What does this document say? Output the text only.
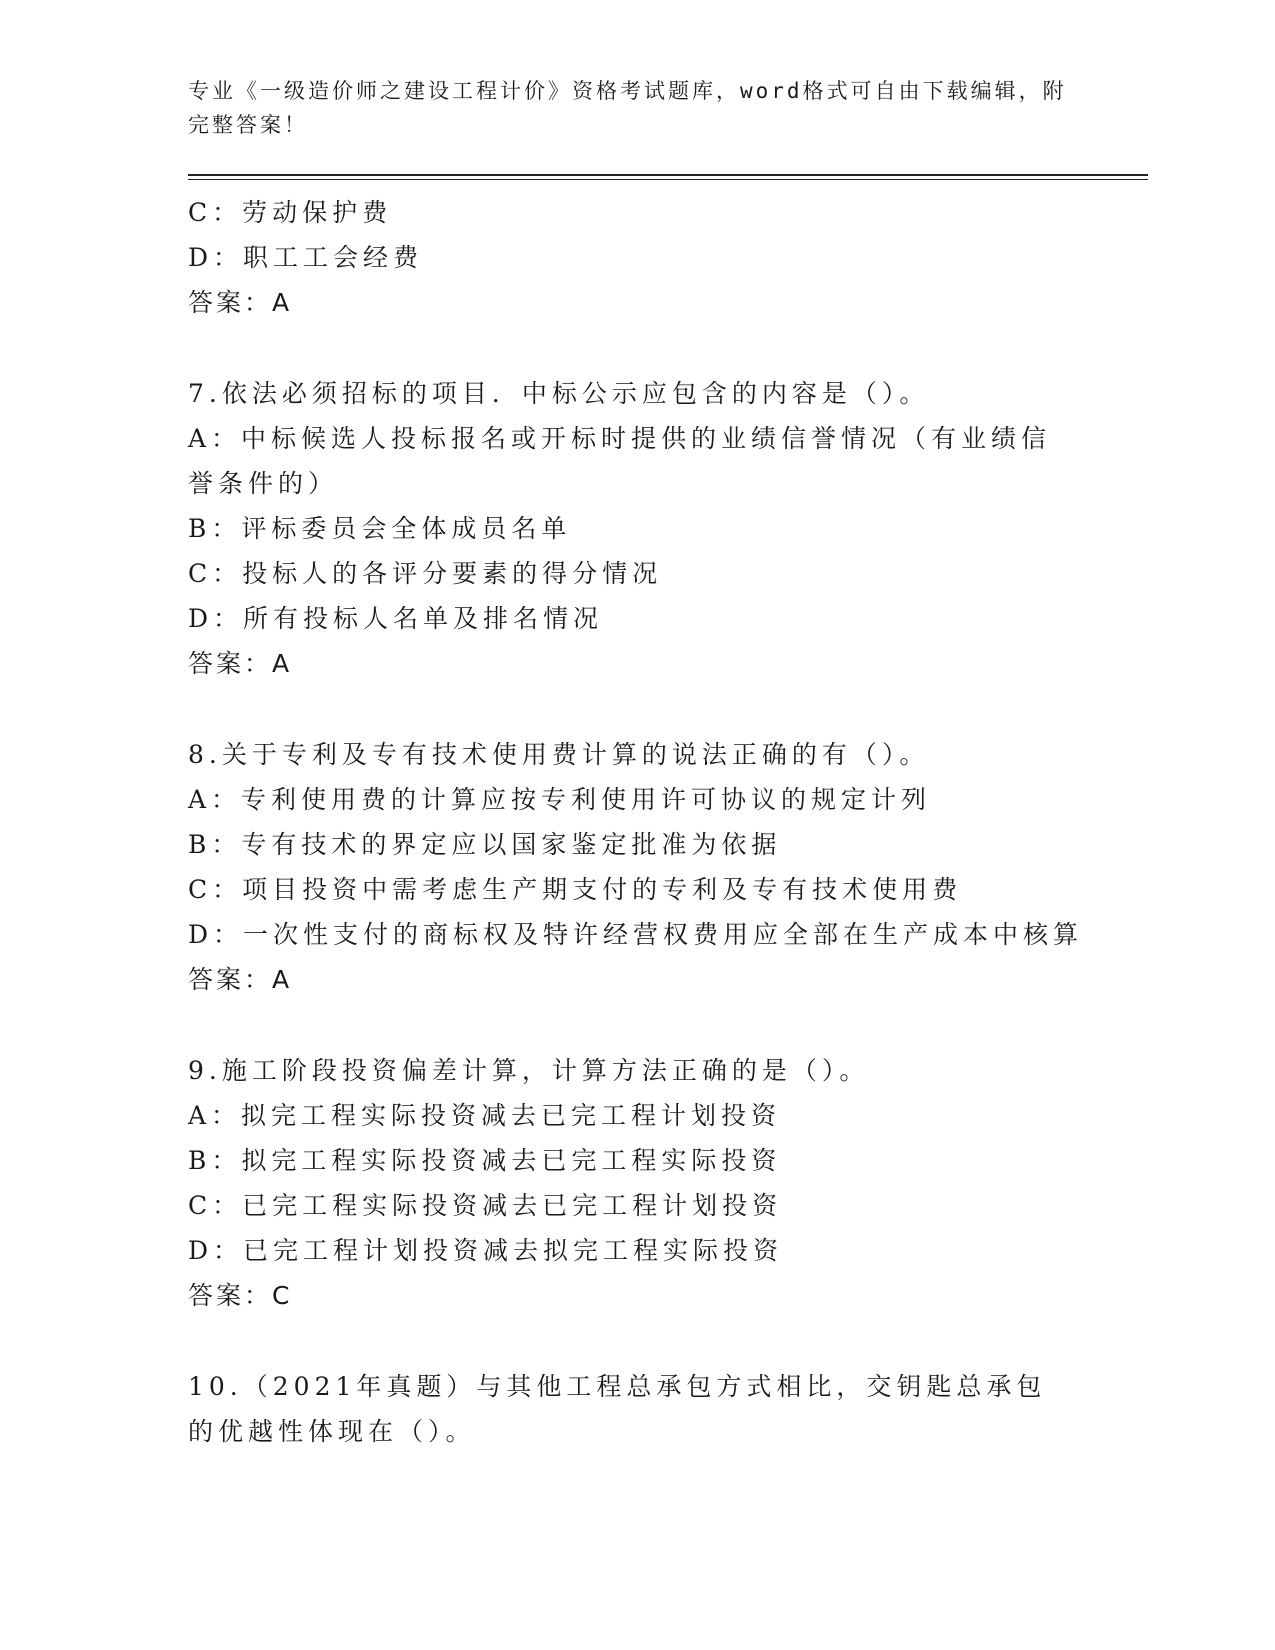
专业《一级造价师之建设工程计价》资格考试题库，word格式可自由下载编辑，附完整答案！
C：劳动保护费
D：职工工会经费
答案：A
7.依法必须招标的项目．中标公示应包含的内容是（）。
A：中标候选人投标报名或开标时提供的业绩信誉情况（有业绩信誉条件的）
B：评标委员会全体成员名单
C：投标人的各评分要素的得分情况
D：所有投标人名单及排名情况
答案：A
8.关于专利及专有技术使用费计算的说法正确的有（）。
A：专利使用费的计算应按专利使用许可协议的规定计列
B：专有技术的界定应以国家鉴定批准为依据
C：项目投资中需考虑生产期支付的专利及专有技术使用费
D：一次性支付的商标权及特许经营权费用应全部在生产成本中核算
答案：A
9.施工阶段投资偏差计算，计算方法正确的是（）。
A：拟完工程实际投资减去已完工程计划投资
B：拟完工程实际投资减去已完工程实际投资
C：已完工程实际投资减去已完工程计划投资
D：已完工程计划投资减去拟完工程实际投资
答案：C
10.（2021年真题）与其他工程总承包方式相比，交钥匙总承包的优越性体现在（）。
